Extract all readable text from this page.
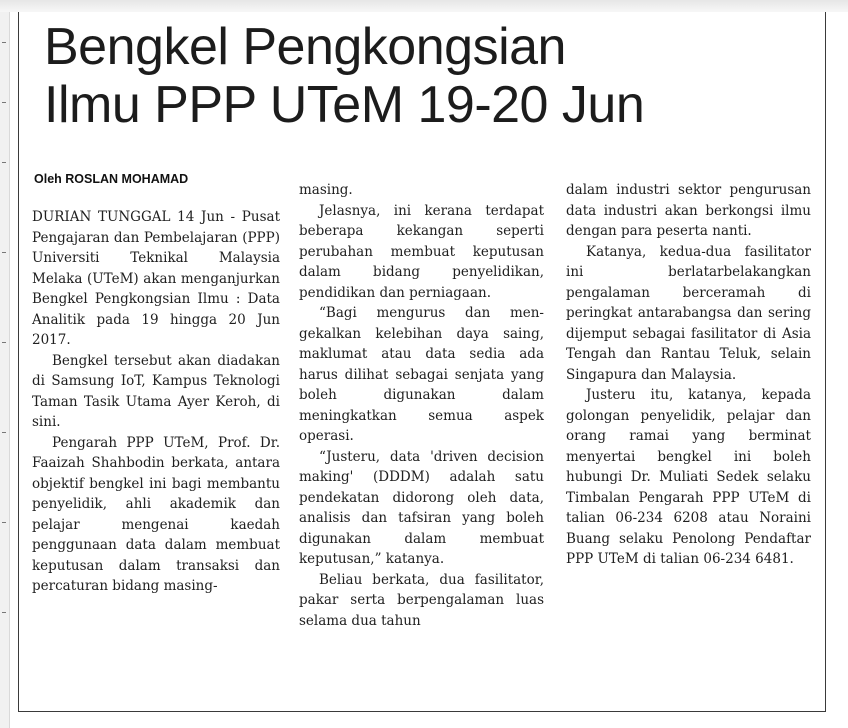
Bengkel Pengkongsian
Ilmu PPP UTeM 19-20 Jun
Oleh ROSLAN MOHAMAD

DURIAN TUNGGAL 14 Jun - Pusat Pengajaran dan Pembelajaran (PPP) Universiti Teknikal Malaysia Melaka (UTeM) akan menganjurkan Bengkel Pengkongsian Ilmu : Data Analitik pada 19 hingga 20 Jun 2017.

Bengkel tersebut akan diadakan di Samsung IoT, Kampus Teknologi Taman Tasik Utama Ayer Keroh, di sini.

Pengarah PPP UTeM, Prof. Dr. Faaizah Shahbodin berkata, antara objektif bengkel ini bagi membantu penyelidik, ahli akademik dan pelajar mengenai kaedah penggunaan data dalam membuat keputusan dalam transaksi dan percaturan bidang masing-

masing.

Jelasnya, ini kerana terdapat beberapa kekangan seperti perubahan membuat keputusan dalam bidang penyelidikan, pendidikan dan perniagaan.

“Bagi mengurus dan men-gekalkan kelebihan daya saing, maklumat atau data sedia ada harus dilihat sebagai senjata yang boleh digunakan dalam meningkatkan semua aspek operasi.

“Justeru, data 'driven decision making' (DDDM) adalah satu pendekatan didorong oleh data, analisis dan tafsiran yang boleh digunakan dalam membuat keputusan,” katanya.

Beliau berkata, dua fasilitator, pakar serta berpengalaman luas selama dua tahun

dalam industri sektor pengurusan data industri akan berkongsi ilmu dengan para peserta nanti.

Katanya, kedua-dua fasilitator ini berlatarbelakangkan pengalaman berceramah di peringkat antarabangsa dan sering dijemput sebagai fasilitator di Asia Tengah dan Rantau Teluk, selain Singapura dan Malaysia.

Justeru itu, katanya, kepada golongan penyelidik, pelajar dan orang ramai yang berminat menyertai bengkel ini boleh hubungi Dr. Muliati Sedek selaku Timbalan Pengarah PPP UTeM di talian 06-234 6208 atau Noraini Buang selaku Penolong Pendaftar PPP UTeM di talian 06-234 6481.
